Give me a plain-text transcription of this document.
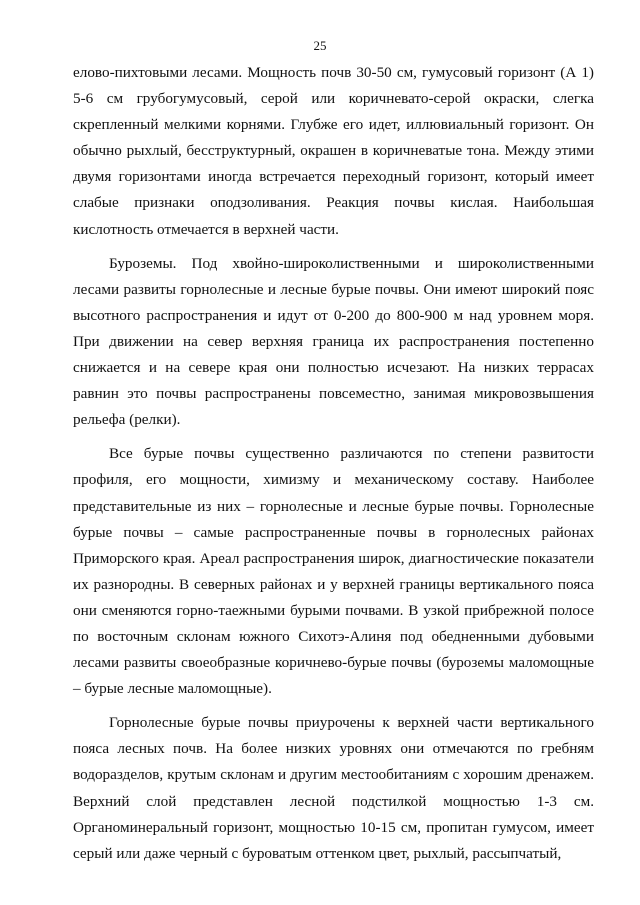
25

елово-пихтовыми лесами. Мощность почв 30-50 см, гумусовый горизонт (А 1) 5-6 см грубогумусовый, серой или коричневато-серой окраски, слегка скрепленный мелкими корнями. Глубже его идет, иллювиальный горизонт. Он обычно рыхлый, бесструктурный, окрашен в коричневатые тона. Между этими двумя горизонтами иногда встречается переходный горизонт, который имеет слабые признаки оподзоливания. Реакция почвы кислая. Наибольшая кислотность отмечается в верхней части.

Буроземы. Под хвойно-широколиственными и широколиственными лесами развиты горнолесные и лесные бурые почвы. Они имеют широкий пояс высотного распространения и идут от 0-200 до 800-900 м над уровнем моря. При движении на север верхняя граница их распространения постепенно снижается и на севере края они полностью исчезают. На низких террасах равнин это почвы распространены повсеместно, занимая микровозвышения рельефа (релки).

Все бурые почвы существенно различаются по степени развитости профиля, его мощности, химизму и механическому составу. Наиболее представительные из них – горнолесные и лесные бурые почвы. Горнолесные бурые почвы – самые распространенные почвы в горнолесных районах Приморского края. Ареал распространения широк, диагностические показатели их разнородны. В северных районах и у верхней границы вертикального пояса они сменяются горно-таежными бурыми почвами. В узкой прибрежной полосе по восточным склонам южного Сихотэ-Алиня под обедненными дубовыми лесами развиты своеобразные коричнево-бурые почвы (буроземы маломощные – бурые лесные маломощные).

Горнолесные бурые почвы приурочены к верхней части вертикального пояса лесных почв. На более низких уровнях они отмечаются по гребням водоразделов, крутым склонам и другим местообитаниям с хорошим дренажем. Верхний слой представлен лесной подстилкой мощностью 1-3 см. Органоминеральный горизонт, мощностью 10-15 см, пропитан гумусом, имеет серый или даже черный с буроватым оттенком цвет, рыхлый, рассыпчатый,
